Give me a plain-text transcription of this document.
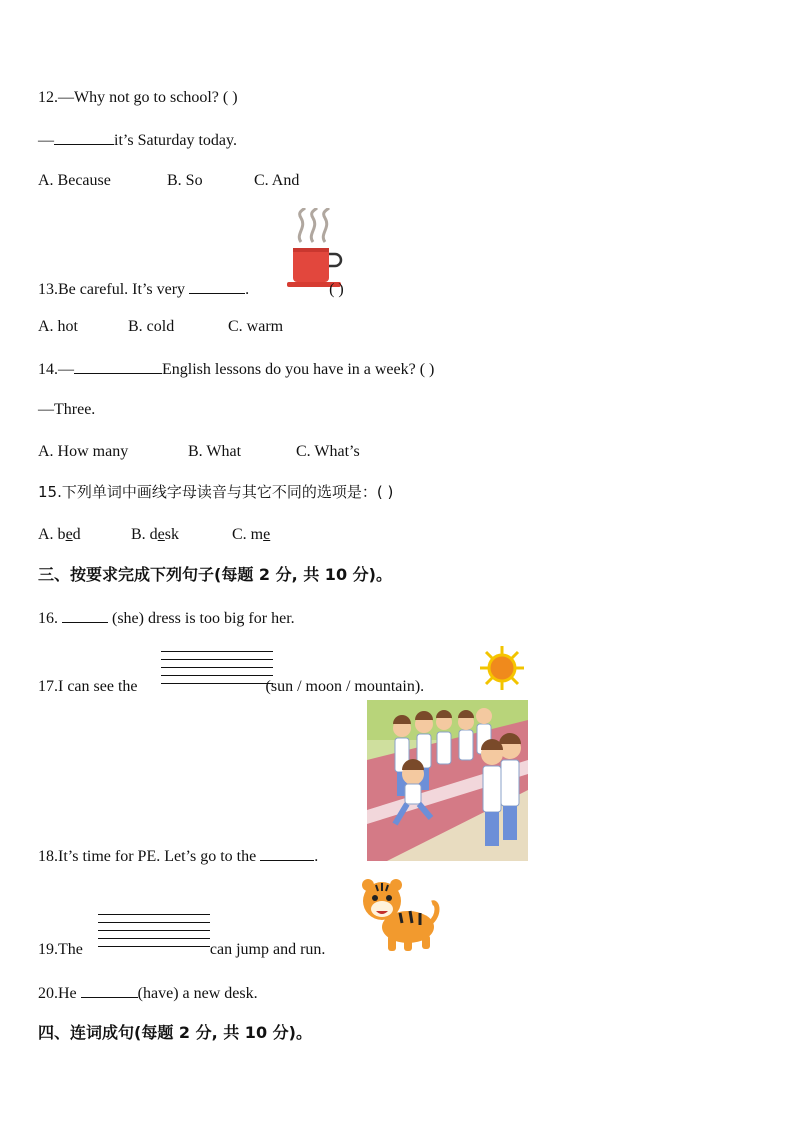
12.—Why not go to school? ( )
—	it’s Saturday today.
A. Because	B. So	C. And
13.Be careful. It’s very	.	( )
A. hot	B. cold	C. warm
14.—	English lessons do you have in a week? ( )
—Three.
A. How many	B. What	C. What’s
15.下列单词中画线字母读音与其它不同的选项是：( )
A. bed	B. desk	C. me
三、按要求完成下列句子(每题 2 分, 共 10 分)。
16.	(she) dress is too big for her.
17.I can see the	(sun / moon / mountain).
18.It’s time for PE. Let’s go to the	.
19.The	can jump and run.
20.He	(have) a new desk.
四、连词成句(每题 2 分, 共 10 分)。
